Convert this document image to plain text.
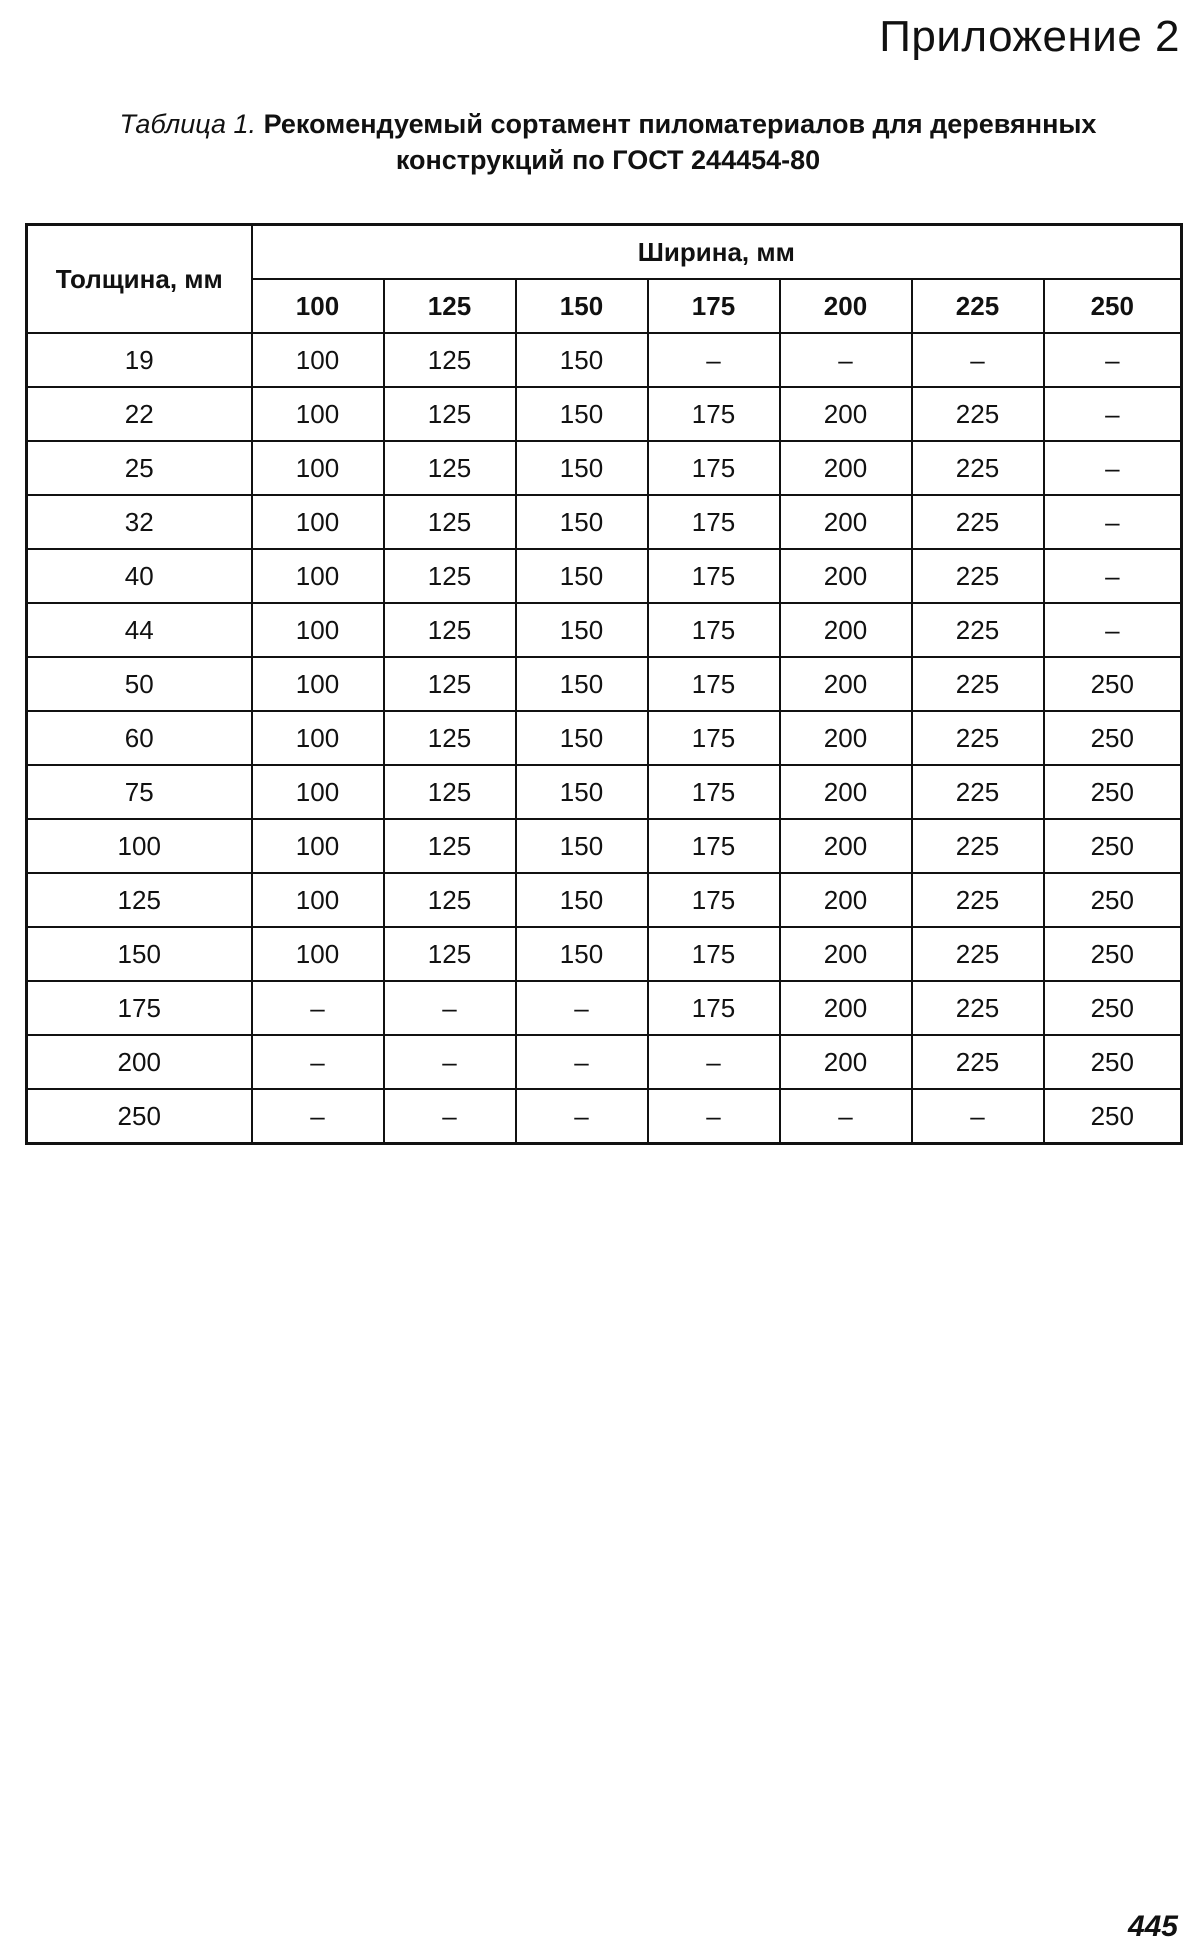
Приложение 2

Таблица 1. Рекомендуемый сортамент пиломатериалов для деревянных конструкций по ГОСТ 244454-80

Толщина, мм	Ширина, мм						
	100	125	150	175	200	225	250
19	100	125	150	–	–	–	–
22	100	125	150	175	200	225	–
25	100	125	150	175	200	225	–
32	100	125	150	175	200	225	–
40	100	125	150	175	200	225	–
44	100	125	150	175	200	225	–
50	100	125	150	175	200	225	250
60	100	125	150	175	200	225	250
75	100	125	150	175	200	225	250
100	100	125	150	175	200	225	250
125	100	125	150	175	200	225	250
150	100	125	150	175	200	225	250
175	–	–	–	175	200	225	250
200	–	–	–	–	200	225	250
250	–	–	–	–	–	–	250

445
